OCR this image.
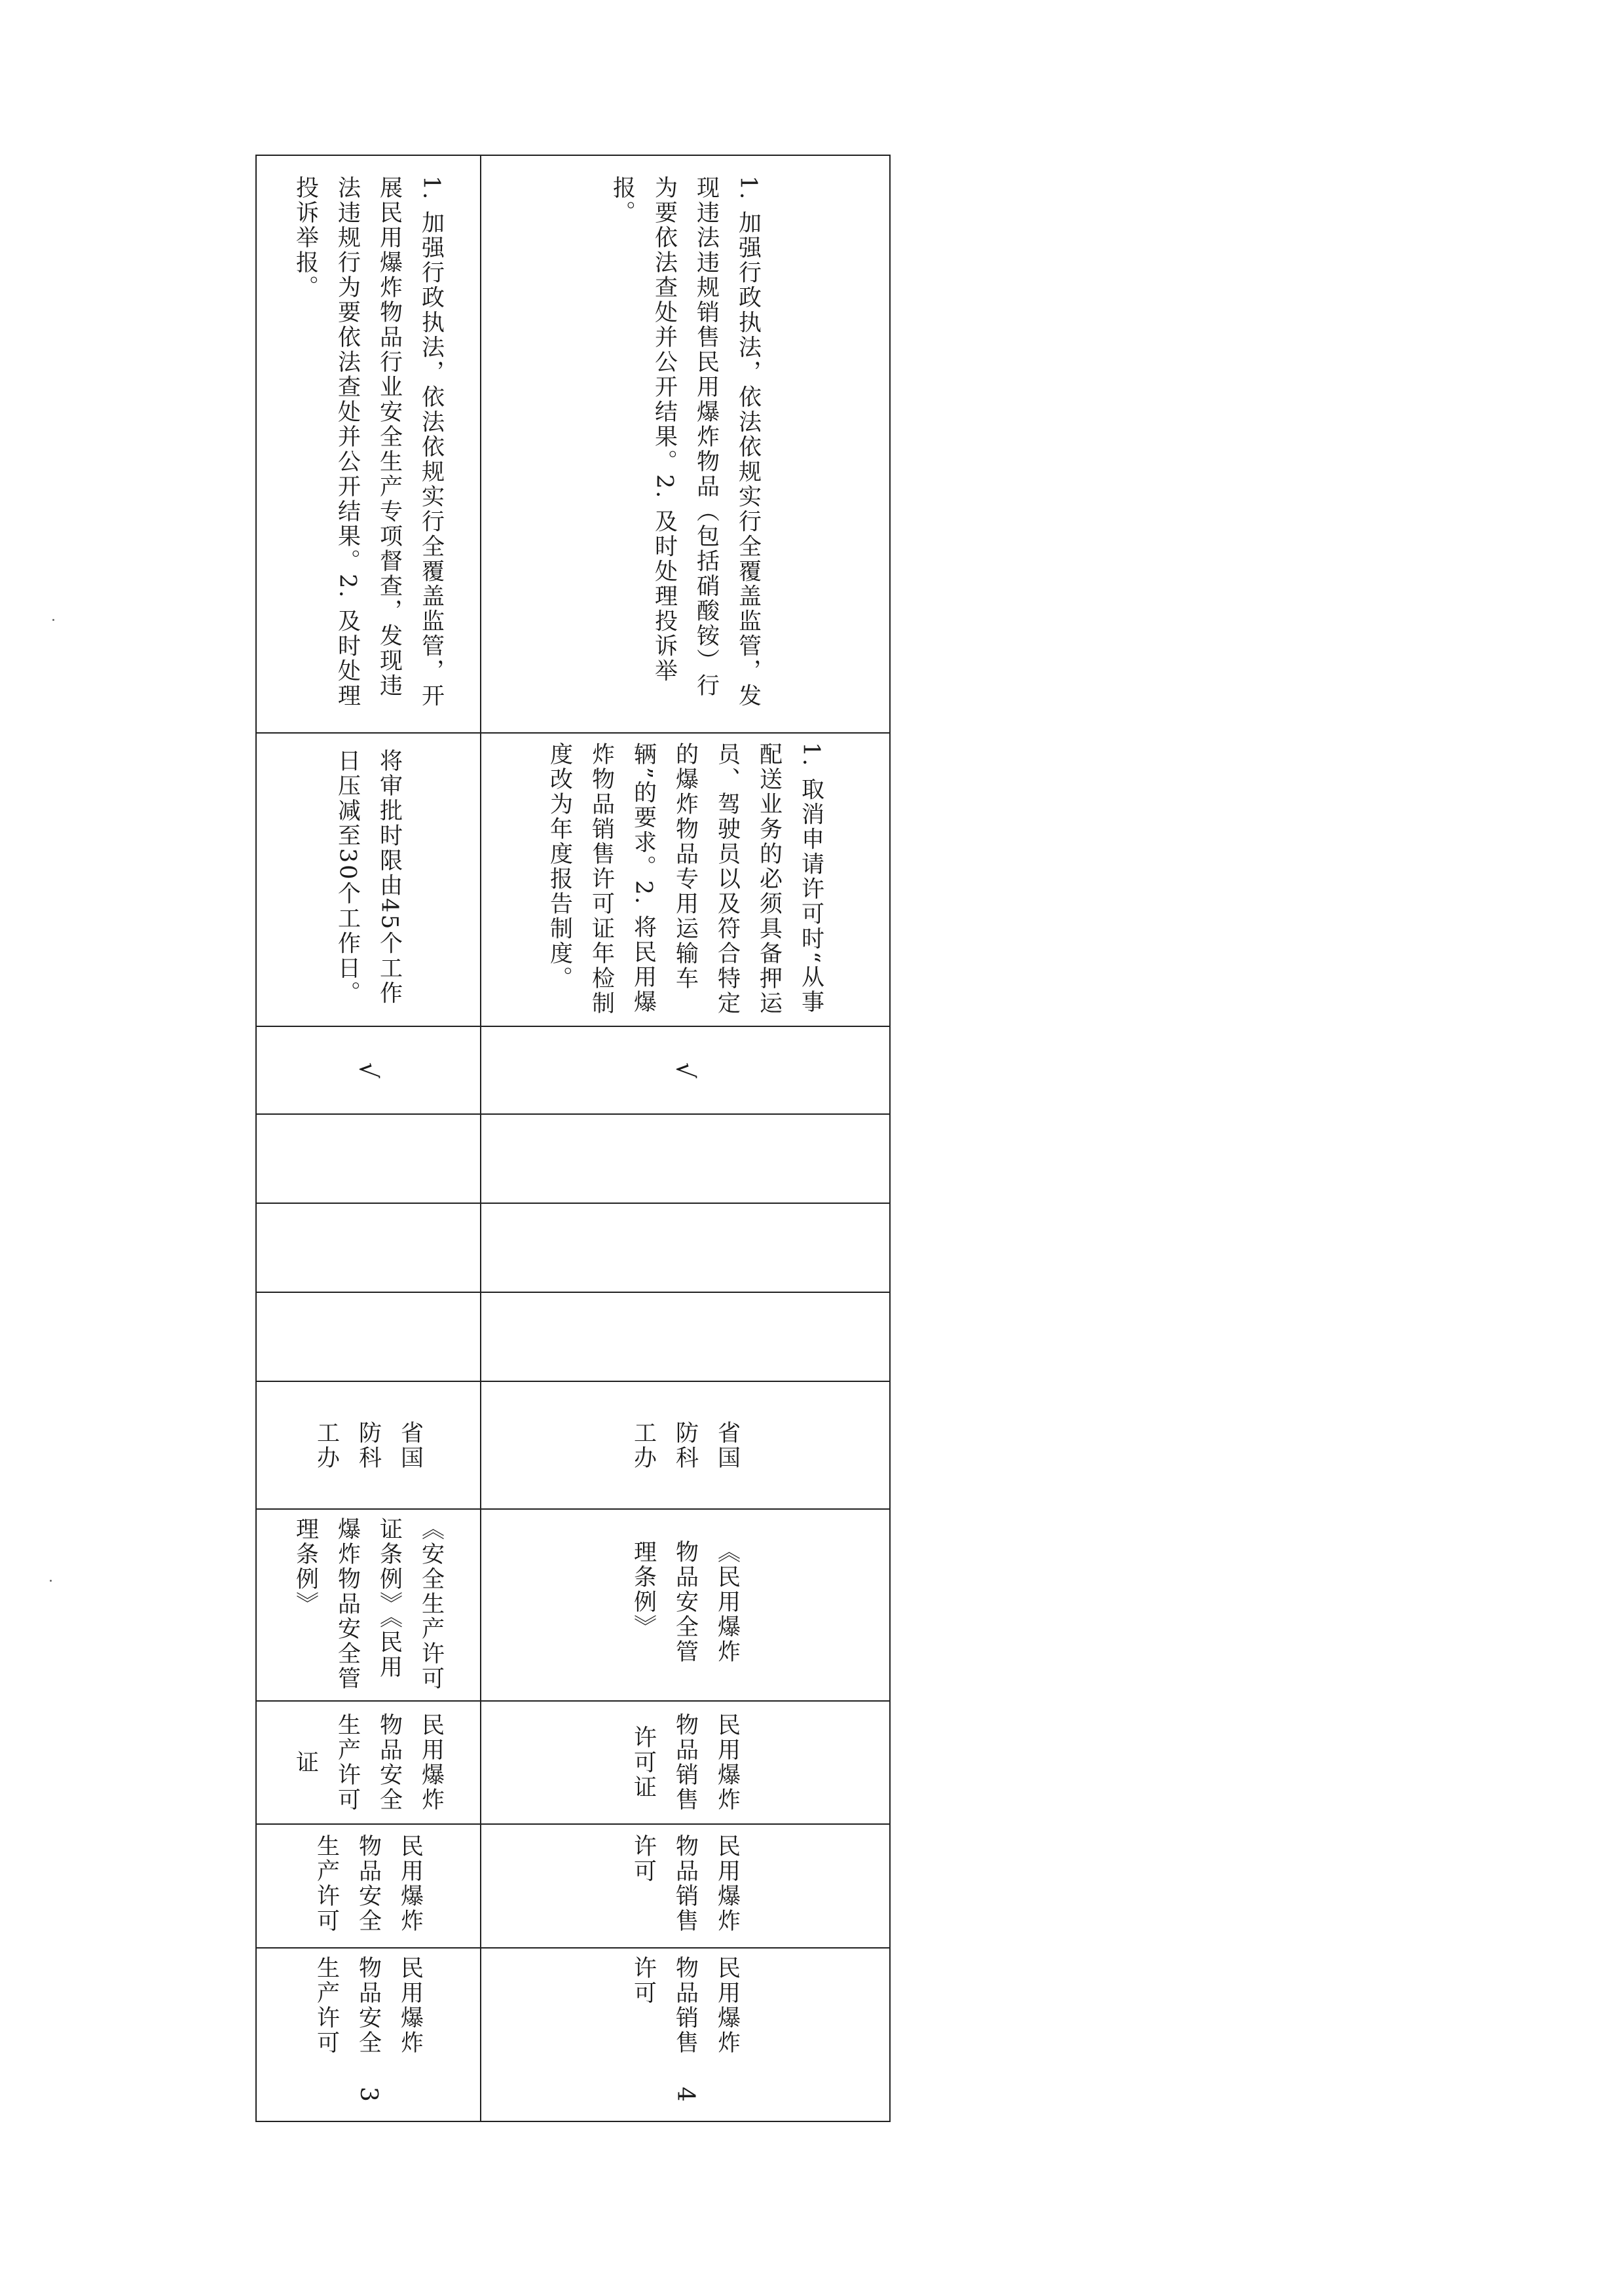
1. 加强行政执法，依法依规实行全覆盖监管，开展民用爆炸物品行业安全生产专项督查，发现违法违规行为要依法查处并公开结果。2. 及时处理投诉举报。
将审批时限由45个工作日压减至30个工作日。
√
省国防科工办
《安全生产许可证条例》《民用爆炸物品安全管理条例》
民用爆炸物品安全生产许可证
民用爆炸物品安全生产许可
民用爆炸物品安全生产许可
3
1. 加强行政执法，依法依规实行全覆盖监管，发现违法违规销售民用爆炸物品（包括硝酸铵）行为要依法查处并公开结果。2. 及时处理投诉举报。
1. 取消申请许可时“从事配送业务的必须具备押运员、驾驶员以及符合特定的爆炸物品专用运输车辆”的要求。2. 将民用爆炸物品销售许可证年检制度改为年度报告制度。
√
省国防科工办
《民用爆炸物品安全管理条例》
民用爆炸物品销售许可证
民用爆炸物品销售许可
民用爆炸物品销售许可
4
